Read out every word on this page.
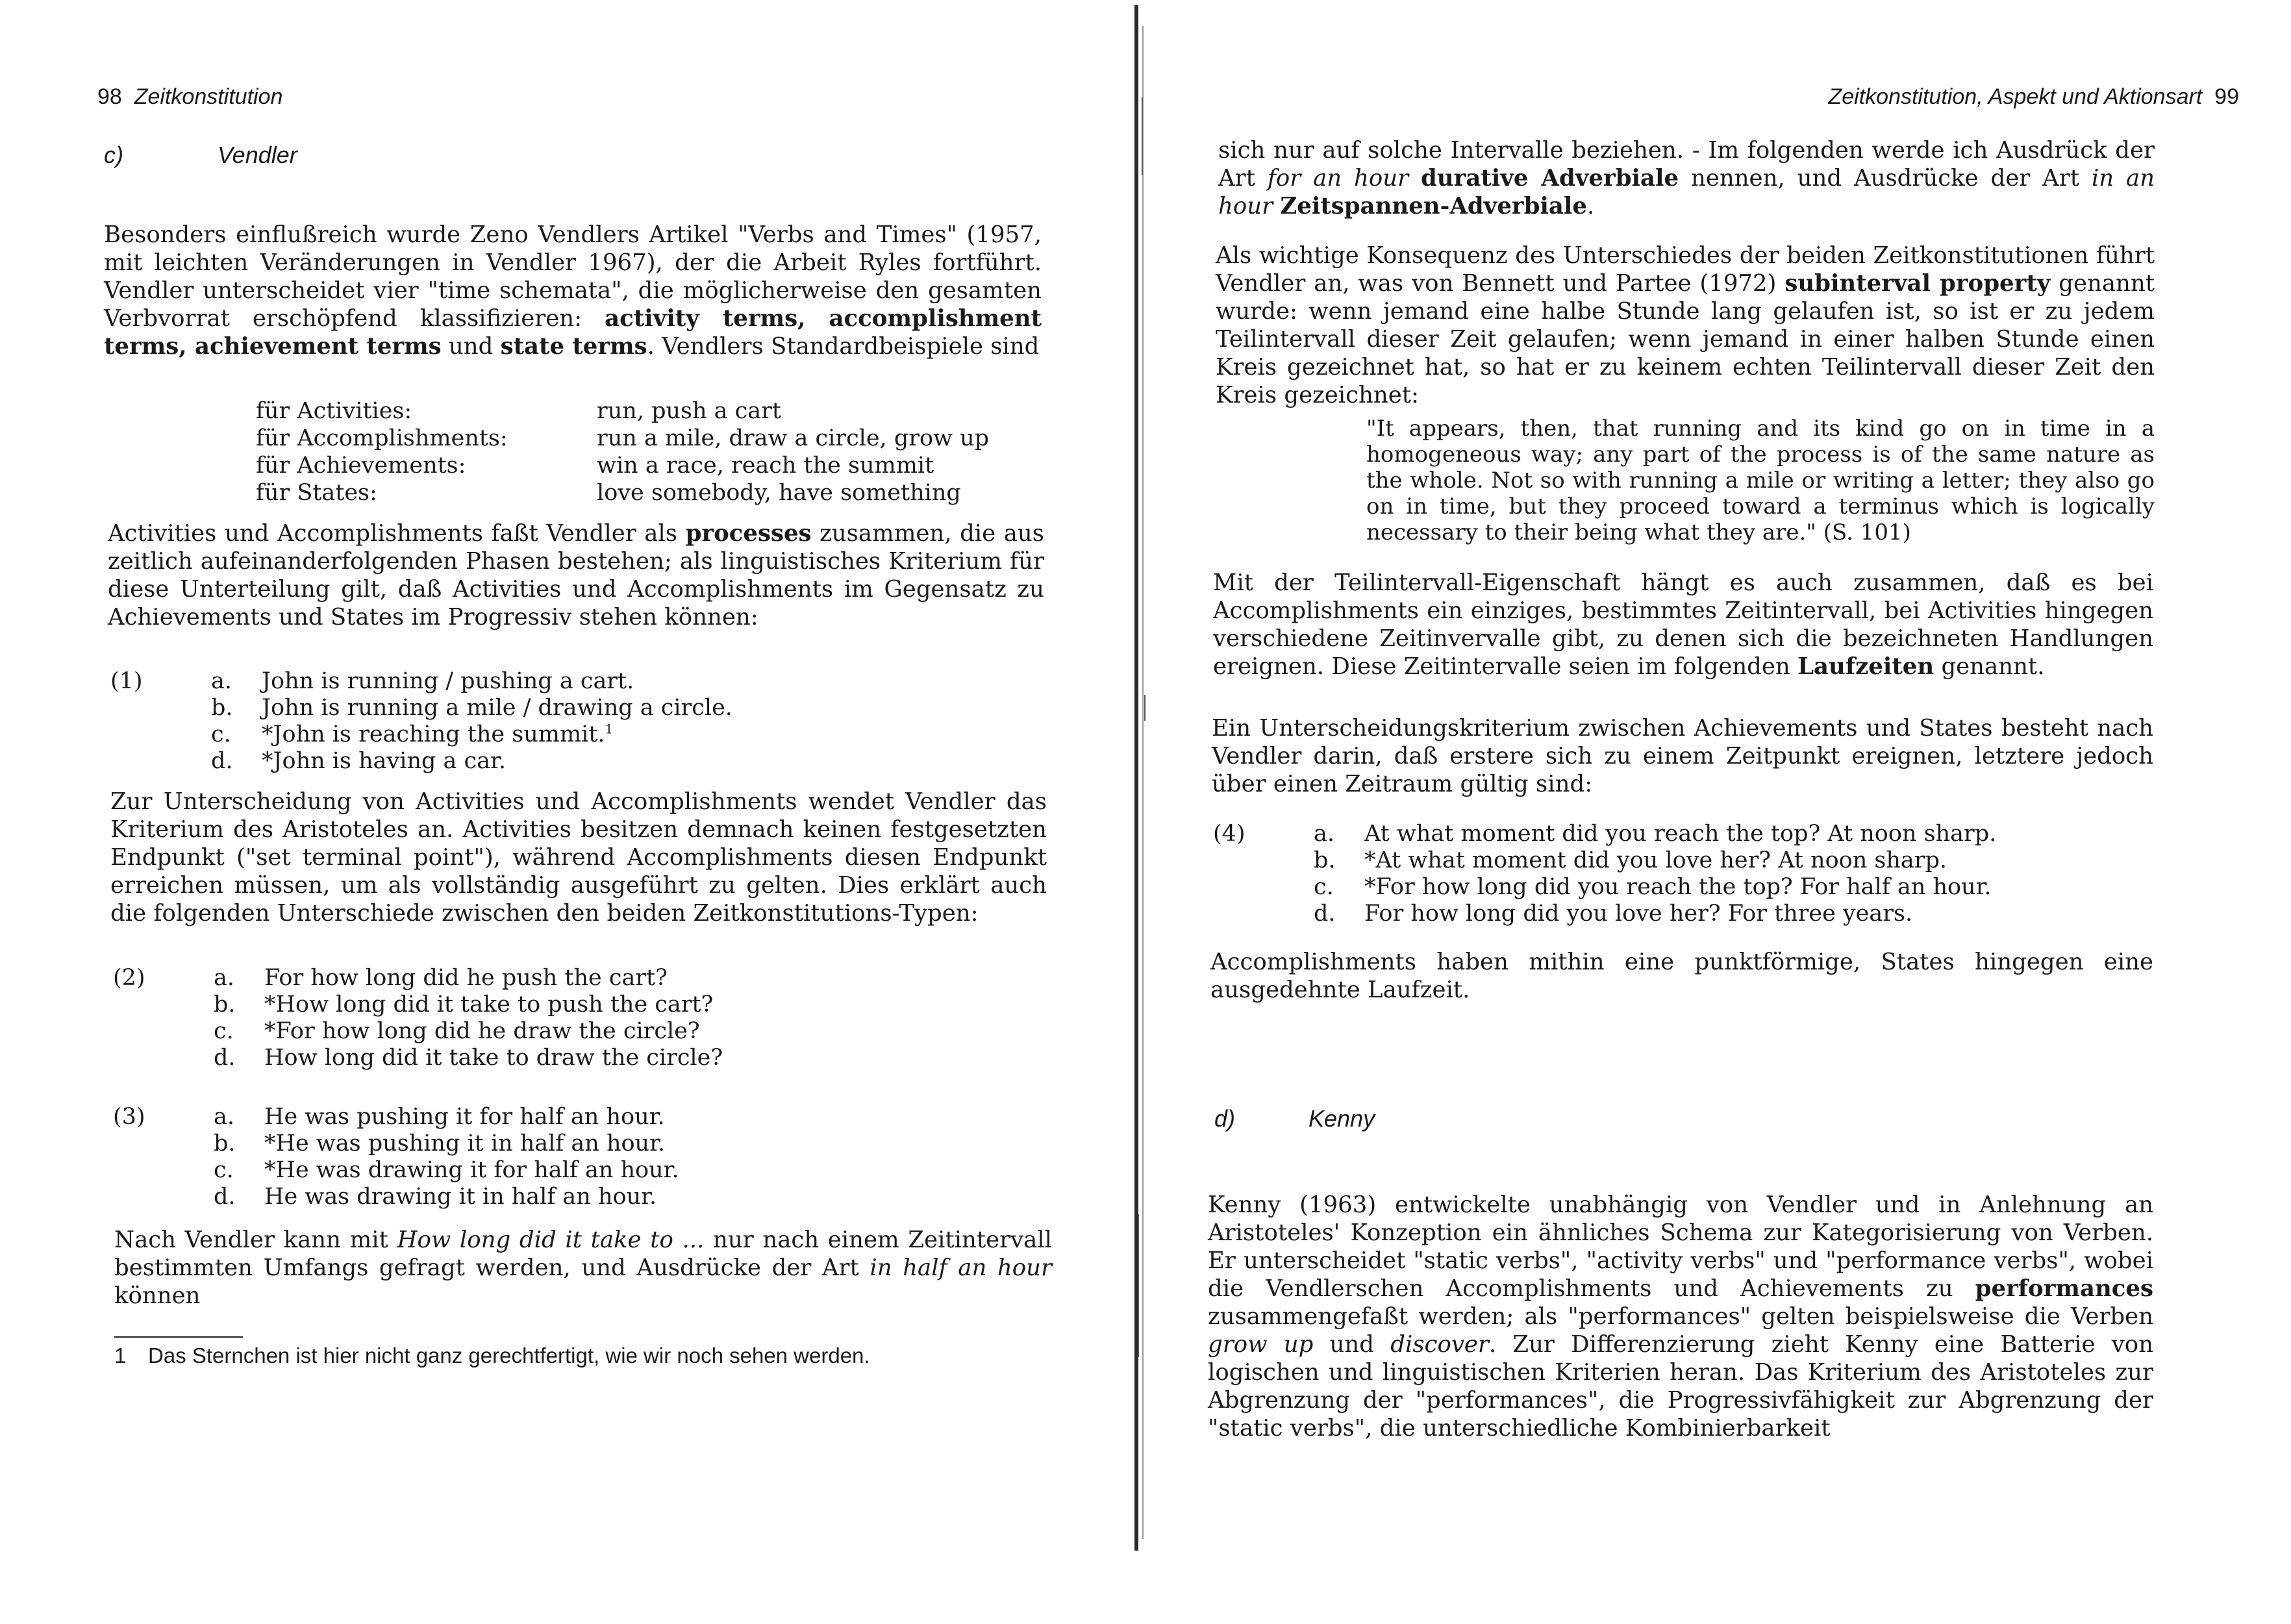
98 Zeitkonstitution
c)	Vendler

Besonders einflußreich wurde Zeno Vendlers Artikel "Verbs and Times" (1957, mit leichten Veränderungen in Vendler 1967), der die Arbeit Ryles fortführt. Vendler unterscheidet vier "time schemata", die möglicherweise den gesamten Verbvorrat erschöpfend klassifizieren: activity terms, accomplishment terms, achievement terms und state terms. Vendlers Standardbeispiele sind

für Activities:	run, push a cart
für Accomplishments:	run a mile, draw a circle, grow up
für Achievements:	win a race, reach the summit
für States:	love somebody, have something

Activities und Accomplishments faßt Vendler als processes zusammen, die aus zeitlich aufeinanderfolgenden Phasen bestehen; als linguistisches Kriterium für diese Unterteilung gilt, daß Activities und Accomplishments im Gegensatz zu Achievements und States im Progressiv stehen können:

(1)	a. John is running / pushing a cart.
b. John is running a mile / drawing a circle.
c. *John is reaching the summit.$^1$
d. *John is having a car.

Zur Unterscheidung von Activities und Accomplishments wendet Vendler das Kriterium des Aristoteles an. Activities besitzen demnach keinen festgesetzten Endpunkt ("set terminal point"), während Accomplishments diesen Endpunkt erreichen müssen, um als vollständig ausgeführt zu gelten. Dies erklärt auch die folgenden Unterschiede zwischen den beiden Zeitkonstitutions-Typen:

(2)	a. For how long did he push the cart?
b. *How long did it take to push the cart?
c. *For how long did he draw the circle?
d. How long did it take to draw the circle?
(3)	a. He was pushing it for half an hour.
b. *He was pushing it in half an hour.
c. *He was drawing it for half an hour.
d. He was drawing it in half an hour.

Nach Vendler kann mit How long did it take to ... nur nach einem Zeitintervall bestimmten Umfangs gefragt werden, und Ausdrücke der Art in half an hour können

1 Das Sternchen ist hier nicht ganz gerechtfertigt, wie wir noch sehen werden.
Zeitkonstitution, Aspekt und Aktionsart 99

sich nur auf solche Intervalle beziehen. - Im folgenden werde ich Ausdrück der Art for an hour durative Adverbiale nennen, und Ausdrücke der Art in an hour Zeitspannen-Adverbiale.

Als wichtige Konsequenz des Unterschiedes der beiden Zeitkonstitutionen führt Vendler an, was von Bennett und Partee (1972) subinterval property genannt wurde: wenn jemand eine halbe Stunde lang gelaufen ist, so ist er zu jedem Teilintervall dieser Zeit gelaufen; wenn jemand in einer halben Stunde einen Kreis gezeichnet hat, so hat er zu keinem echten Teilintervall dieser Zeit den Kreis gezeichnet:

"It appears, then, that running and its kind go on in time in a homogeneous way; any part of the process is of the same nature as the whole. Not so with running a mile or writing a letter; they also go on in time, but they proceed toward a terminus which is logically necessary to their being what they are." (S. 101)

Mit der Teilintervall-Eigenschaft hängt es auch zusammen, daß es bei Accomplishments ein einziges, bestimmtes Zeitintervall, bei Activities hingegen verschiedene Zeitinvervalle gibt, zu denen sich die bezeichneten Handlungen ereignen. Diese Zeitintervalle seien im folgenden Laufzeiten genannt.

Ein Unterscheidungskriterium zwischen Achievements und States besteht nach Vendler darin, daß erstere sich zu einem Zeitpunkt ereignen, letztere jedoch über einen Zeitraum gültig sind:

(4)	a. At what moment did you reach the top? At noon sharp.
b. *At what moment did you love her? At noon sharp.
c. *For how long did you reach the top? For half an hour.
d. For how long did you love her? For three years.

Accomplishments haben mithin eine punktförmige, States hingegen eine ausgedehnte Laufzeit.

d)	Kenny

Kenny (1963) entwickelte unabhängig von Vendler und in Anlehnung an Aristoteles' Konzeption ein ähnliches Schema zur Kategorisierung von Verben. Er unterscheidet "static verbs", "activity verbs" und "performance verbs", wobei die Vendlerschen Accomplishments und Achievements zu performances zusammengefaßt werden; als "performances" gelten beispielsweise die Verben grow up und discover. Zur Differenzierung zieht Kenny eine Batterie von logischen und linguistischen Kriterien heran. Das Kriterium des Aristoteles zur Abgrenzung der "performances", die Progressivfähigkeit zur Abgrenzung der "static verbs", die unterschiedliche Kombinierbarkeit
